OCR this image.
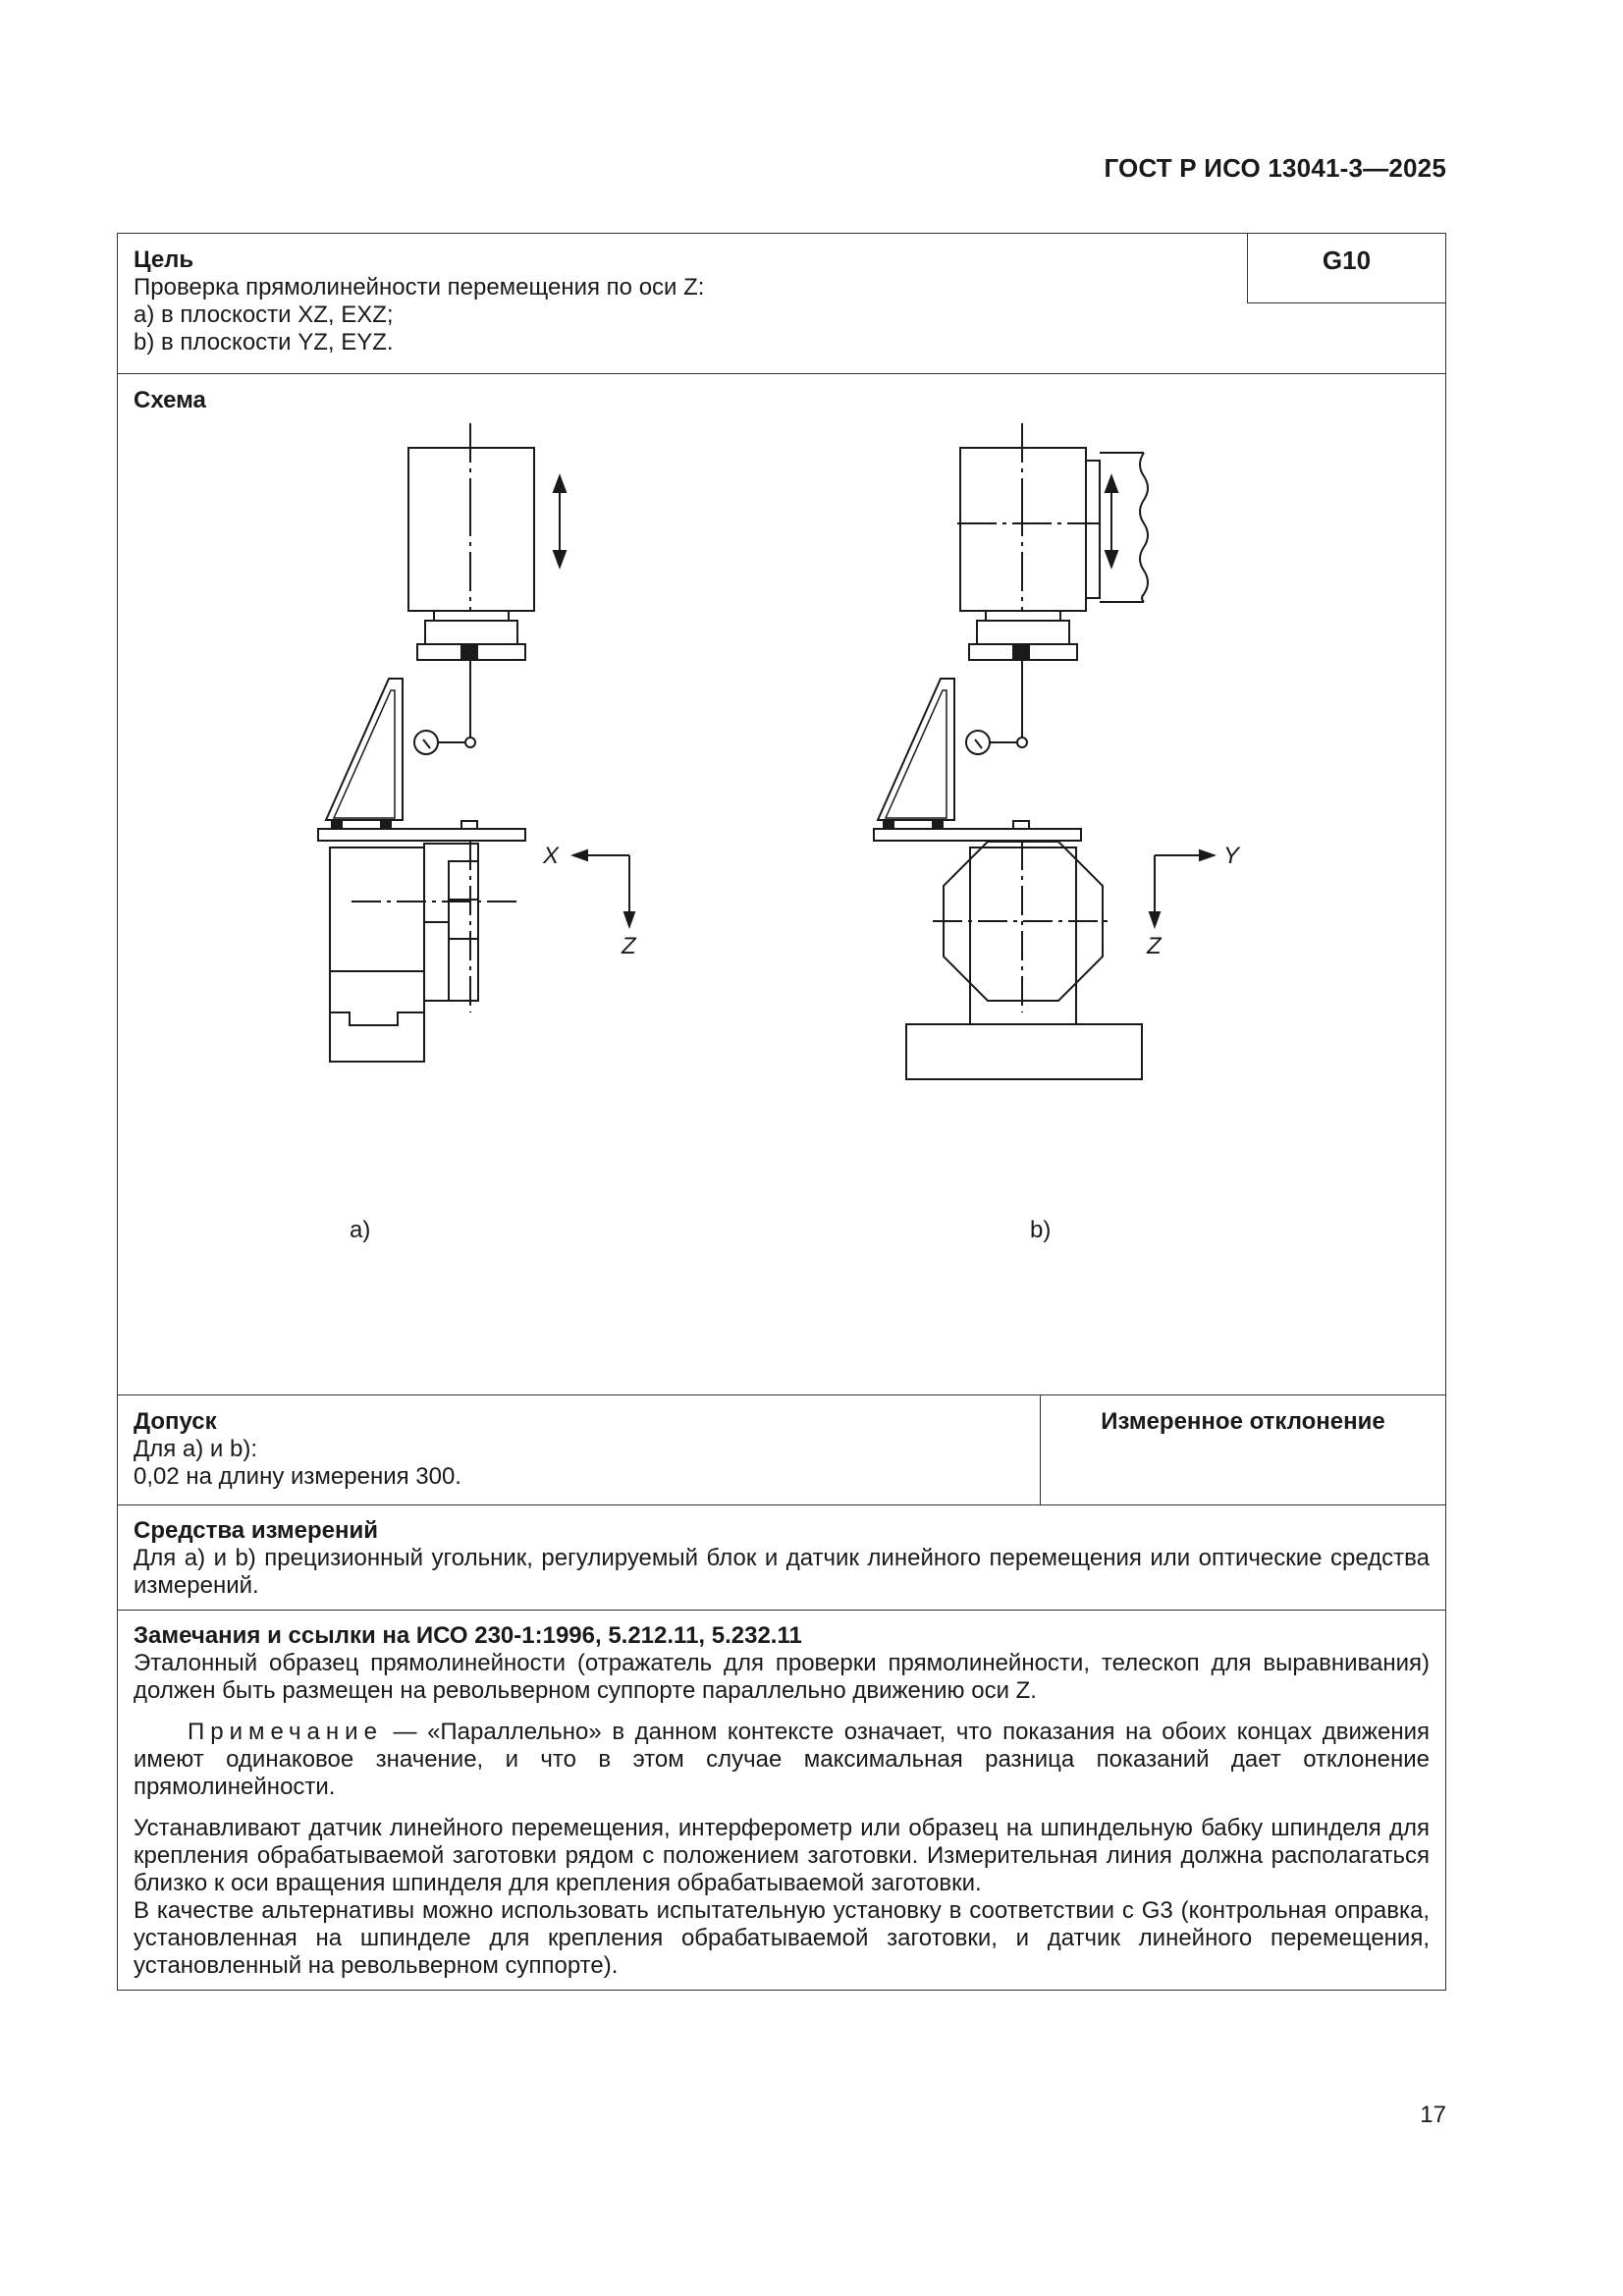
ГОСТ Р ИСО 13041-3—2025
Цель
Проверка прямолинейности перемещения по оси Z:
а) в плоскости XZ, EXZ;
b) в плоскости YZ, EYZ.
G10
Схема
X
Z
Y
Z
a)	b)
Допуск
Для а) и b):
0,02 на длину измерения 300.
Измеренное отклонение
Средства измерений
Для а) и b) прецизионный угольник, регулируемый блок и датчик линейного перемещения или оптические средства измерений.
Замечания и ссылки на ИСО 230-1:1996, 5.212.11, 5.232.11
Эталонный образец прямолинейности (отражатель для проверки прямолинейности, телескоп для выравнивания) должен быть размещен на револьверном суппорте параллельно движению оси Z.
Примечание — «Параллельно» в данном контексте означает, что показания на обоих концах движения имеют одинаковое значение, и что в этом случае максимальная разница показаний дает отклонение прямолинейности.
Устанавливают датчик линейного перемещения, интерферометр или образец на шпиндельную бабку шпинделя для крепления обрабатываемой заготовки рядом с положением заготовки. Измерительная линия должна располагаться близко к оси вращения шпинделя для крепления обрабатываемой заготовки.
В качестве альтернативы можно использовать испытательную установку в соответствии с G3 (контрольная оправка, установленная на шпинделе для крепления обрабатываемой заготовки, и датчик линейного перемещения, установленный на револьверном суппорте).
17
